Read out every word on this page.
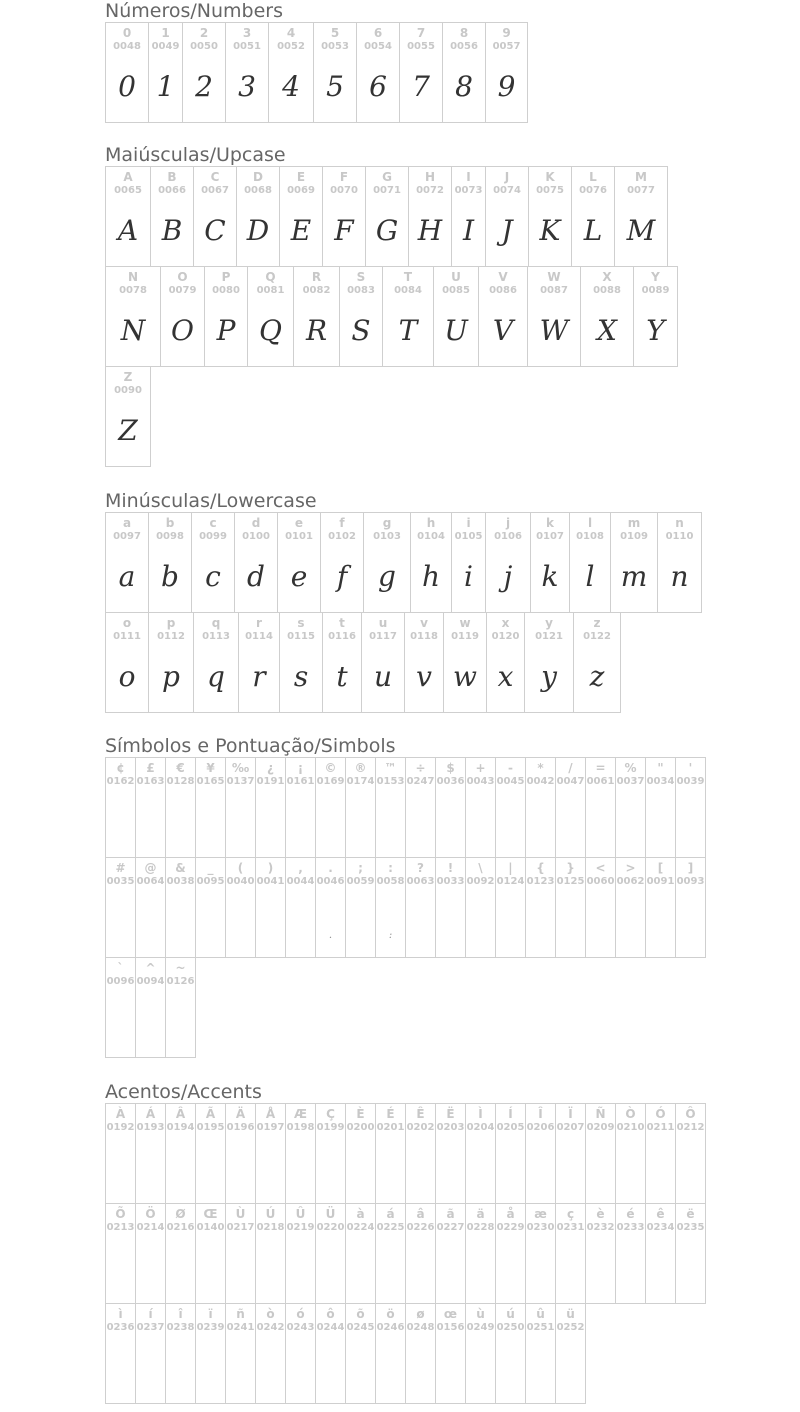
Números/Numbers
0
0048
0
1
0049
1
2
0050
2
3
0051
3
4
0052
4
5
0053
5
6
0054
6
7
0055
7
8
0056
8
9
0057
9
Maiúsculas/Upcase
A
0065
A
B
0066
B
C
0067
C
D
0068
D
E
0069
E
F
0070
F
G
0071
G
H
0072
H
I
0073
I
J
0074
J
K
0075
K
L
0076
L
M
0077
M
N
0078
N
O
0079
O
P
0080
P
Q
0081
Q
R
0082
R
S
0083
S
T
0084
T
U
0085
U
V
0086
V
W
0087
W
X
0088
X
Y
0089
Y
Z
0090
Z
Minúsculas/Lowercase
a
0097
a
b
0098
b
c
0099
c
d
0100
d
e
0101
e
f
0102
f
g
0103
g
h
0104
h
i
0105
i
j
0106
j
k
0107
k
l
0108
l
m
0109
m
n
0110
n
o
0111
o
p
0112
p
q
0113
q
r
0114
r
s
0115
s
t
0116
t
u
0117
u
v
0118
v
w
0119
w
x
0120
x
y
0121
y
z
0122
z
Símbolos e Pontuação/Simbols
¢
0162
£
0163
€
0128
¥
0165
‰
0137
¿
0191
¡
0161
©
0169
®
0174
™
0153
÷
0247
$
0036
+
0043
-
0045
*
0042
/
0047
=
0061
%
0037
"
0034
'
0039
#
0035
@
0064
&
0038
_
0095
(
0040
)
0041
,
0044
.
0046
.
;
0059
:
0058
:
?
0063
!
0033
\
0092
|
0124
{
0123
}
0125
<
0060
>
0062
[
0091
]
0093
`
0096
^
0094
~
0126
Acentos/Accents
À
0192
Á
0193
Â
0194
Ã
0195
Ä
0196
Å
0197
Æ
0198
Ç
0199
È
0200
É
0201
Ê
0202
Ë
0203
Ì
0204
Í
0205
Î
0206
Ï
0207
Ñ
0209
Ò
0210
Ó
0211
Ô
0212
Õ
0213
Ö
0214
Ø
0216
Œ
0140
Ù
0217
Ú
0218
Û
0219
Ü
0220
à
0224
á
0225
â
0226
ã
0227
ä
0228
å
0229
æ
0230
ç
0231
è
0232
é
0233
ê
0234
ë
0235
ì
0236
í
0237
î
0238
ï
0239
ñ
0241
ò
0242
ó
0243
ô
0244
õ
0245
ö
0246
ø
0248
œ
0156
ù
0249
ú
0250
û
0251
ü
0252
